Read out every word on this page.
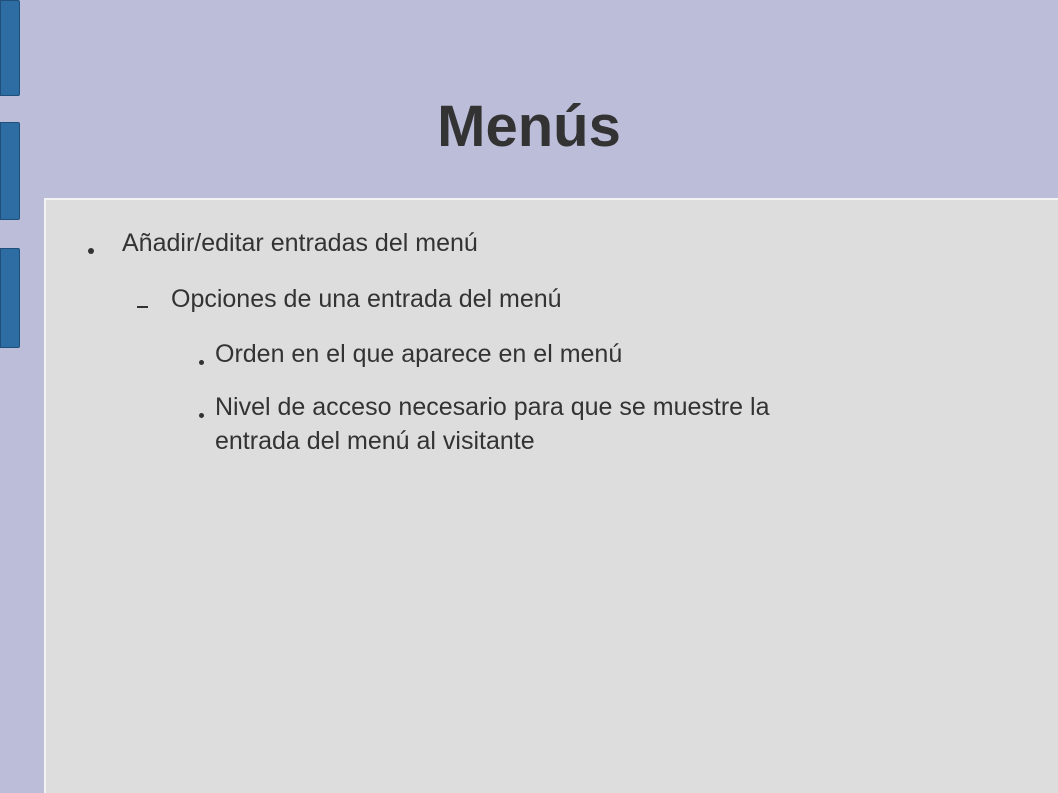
Menús
Añadir/editar entradas del menú
Opciones de una entrada del menú
Orden en el que aparece en el menú
Nivel de acceso necesario para que se muestre la
entrada del menú al visitante
